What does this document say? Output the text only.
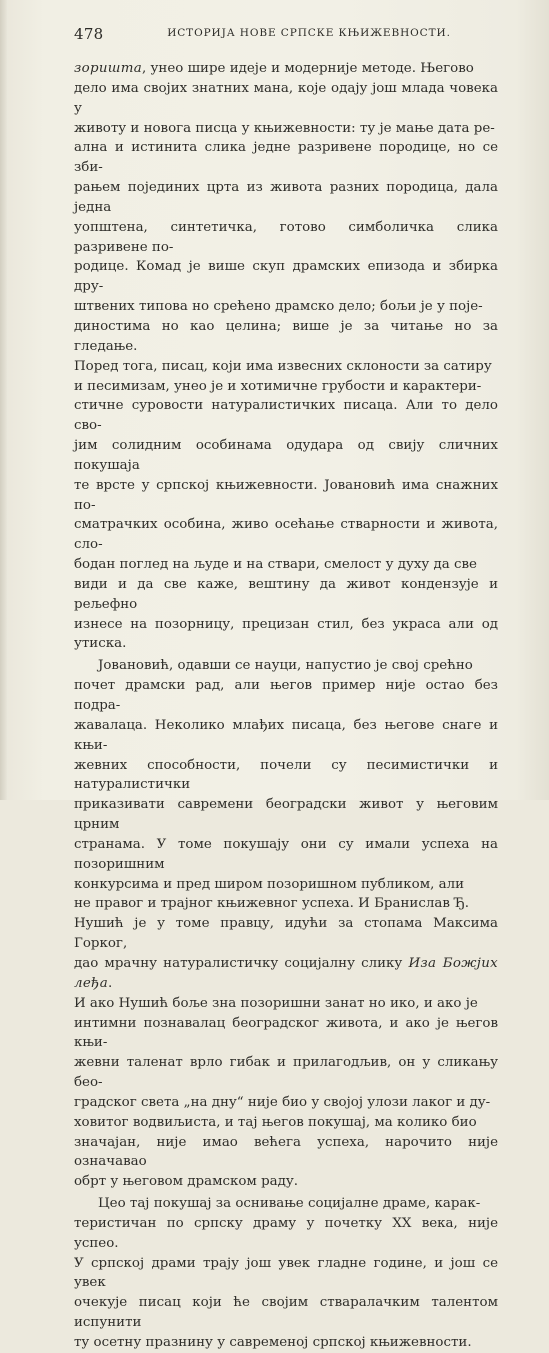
478	ИСТОРИЈА НОВЕ СРПСКЕ КЊИЖЕВНОСТИ.

зоришта, унео шире идеје и модерније методе. Његово
дело има својих знатних мана, које одају још млада човека у
животу и новога писца у књижевности: ту је мање дата ре-
ална и истинита слика једне разривене породице, но се зби-
рањем појединих црта из живота разних породица, дала једна
уопштена, синтетичка, готово симболичка слика разривене по-
родице. Комад је више скуп драмских епизода и збирка дру-
штвених типова но срећено драмско дело; бољи је у поје-
диностима но као целина; више је за читање но за гледање.
Поред тога, писац, који има извесних склоности за сатиру
и песимизам, унео је и хотимичне грубости и карактери-
стичне суровости натуралистичких писаца. Али то дело сво-
јим солидним особинама одудара од свију сличних покушаја
те врсте у српској књижевности. Јовановић има снажних по-
сматрачких особина, живо осећање стварности и живота, сло-
бодан поглед на људе и на ствари, смелост у духу да све
види и да све каже, вештину да живот кондензује и рељефно
изнесе на позорницу, прецизан стил, без украса али од утиска.

Јовановић, одавши се науци, напустио је свој срећно
почет драмски рад, али његов пример није остао без подра-
жавалаца. Неколико млађих писаца, без његове снаге и књи-
жевних способности, почели су песимистички и натуралистички
приказивати савремени београдски живот у његовим црним
странама. У томе покушају они су имали успеха на позоришним
конкурсима и пред широм позоришном публиком, али
не правог и трајног књижевног успеха. И Бранислав Ђ.
Нушић је у томе правцу, идући за стопама Максима Горког,
дао мрачну натуралистичку социјалну слику Иза Божјих леђа.
И ако Нушић боље зна позоришни занат но ико, и ако је
интимни познавалац београдског живота, и ако је његов књи-
жевни таленат врло гибак и прилагодљив, он у сликању бео-
градског света „на дну“ није био у својој улози лаког и ду-
ховитог водвиљиста, и тај његов покушај, ма колико био
значајан, није имао већега успеха, нарочито није означавао
обрт у његовом драмском раду.

Цео тај покушај за оснивање социјалне драме, карак-
теристичан по српску драму у почетку XX века, није успео.
У српској драми трају још увек гладне године, и још се увек
очекује писац који ће својим стваралачким талентом испунити
ту осетну празнину у савременој српској књижевности.
